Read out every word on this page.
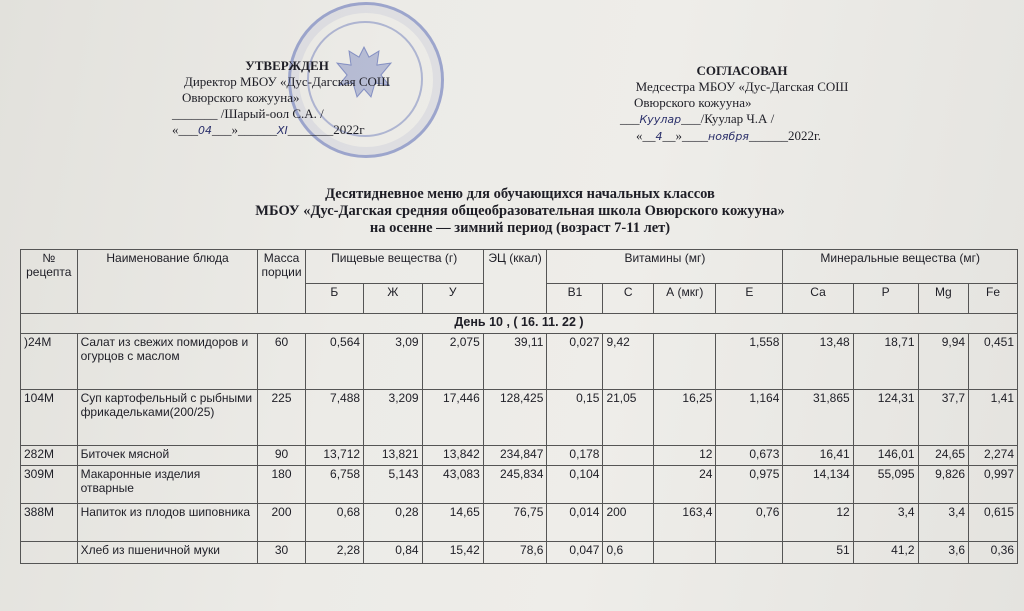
УТВЕРЖДЕН
Директор МБОУ «Дус-Дагская СОШ
Овюрского кожууна»
_______ /Шарый-оол С.А. /
«___04___»______XI_______2022г
СОГЛАСОВАН
Медсестра МБОУ «Дус-Дагская СОШ
Овюрского кожууна»
___Куулар___/Куулар Ч.А /
«__4__»____ноября______2022г.
Десятидневное меню для обучающихся начальных классов
МБОУ «Дус-Дагская средняя общеобразовательная школа Овюрского кожууна»
на осенне — зимний период (возраст 7-11 лет)
№ рецепта	Наименование блюда	Масса порции	Пищевые вещества (г)			ЭЦ (ккал)	Витамины (мг)				Минеральные вещества (мг)			
			Б	Ж	У		В1	С	А (мкг)	Е	Са	Р	Mg	Fe
День 10 , ( 16. 11. 22 )														
)24М	Салат из свежих помидоров и огурцов с маслом	60	0,564	3,09	2,075	39,11	0,027	9,42		1,558	13,48	18,71	9,94	0,451
104М	Суп картофельный с рыбными фрикадельками(200/25)	225	7,488	3,209	17,446	128,425	0,15	21,05	16,25	1,164	31,865	124,31	37,7	1,41
282М	Биточек мясной	90	13,712	13,821	13,842	234,847	0,178		12	0,673	16,41	146,01	24,65	2,274
309М	Макаронные изделия отварные	180	6,758	5,143	43,083	245,834	0,104		24	0,975	14,134	55,095	9,826	0,997
388М	Напиток из плодов шиповника	200	0,68	0,28	14,65	76,75	0,014	200	163,4	0,76	12	3,4	3,4	0,615
	Хлеб из пшеничной муки	30	2,28	0,84	15,42	78,6	0,047	0,6			51	41,2	3,6	0,36
